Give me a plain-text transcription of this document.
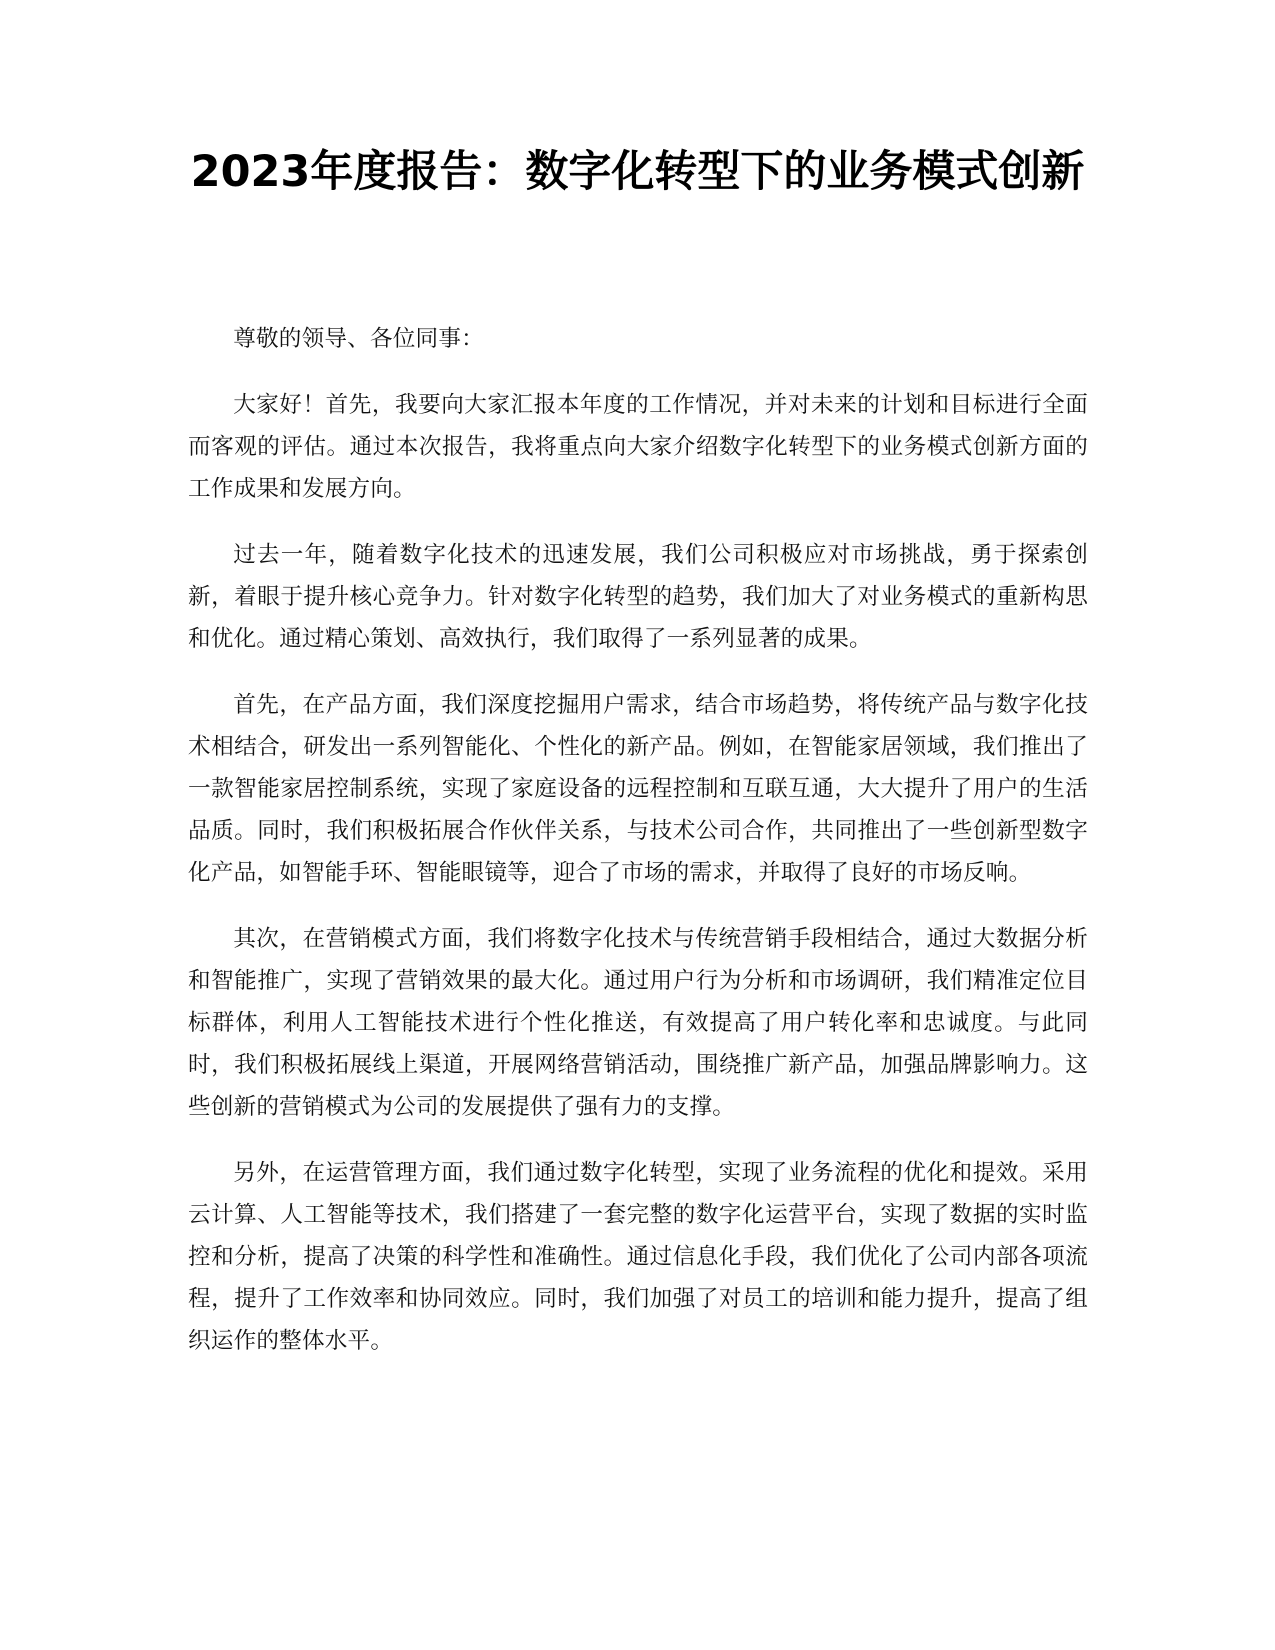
2023年度报告：数字化转型下的业务模式创新

尊敬的领导、各位同事：

大家好！首先，我要向大家汇报本年度的工作情况，并对未来的计划和目标进行全面而客观的评估。通过本次报告，我将重点向大家介绍数字化转型下的业务模式创新方面的工作成果和发展方向。

过去一年，随着数字化技术的迅速发展，我们公司积极应对市场挑战，勇于探索创新，着眼于提升核心竞争力。针对数字化转型的趋势，我们加大了对业务模式的重新构思和优化。通过精心策划、高效执行，我们取得了一系列显著的成果。

首先，在产品方面，我们深度挖掘用户需求，结合市场趋势，将传统产品与数字化技术相结合，研发出一系列智能化、个性化的新产品。例如，在智能家居领域，我们推出了一款智能家居控制系统，实现了家庭设备的远程控制和互联互通，大大提升了用户的生活品质。同时，我们积极拓展合作伙伴关系，与技术公司合作，共同推出了一些创新型数字化产品，如智能手环、智能眼镜等，迎合了市场的需求，并取得了良好的市场反响。

其次，在营销模式方面，我们将数字化技术与传统营销手段相结合，通过大数据分析和智能推广，实现了营销效果的最大化。通过用户行为分析和市场调研，我们精准定位目标群体，利用人工智能技术进行个性化推送，有效提高了用户转化率和忠诚度。与此同时，我们积极拓展线上渠道，开展网络营销活动，围绕推广新产品，加强品牌影响力。这些创新的营销模式为公司的发展提供了强有力的支撑。

另外，在运营管理方面，我们通过数字化转型，实现了业务流程的优化和提效。采用云计算、人工智能等技术，我们搭建了一套完整的数字化运营平台，实现了数据的实时监控和分析，提高了决策的科学性和准确性。通过信息化手段，我们优化了公司内部各项流程，提升了工作效率和协同效应。同时，我们加强了对员工的培训和能力提升，提高了组织运作的整体水平。
